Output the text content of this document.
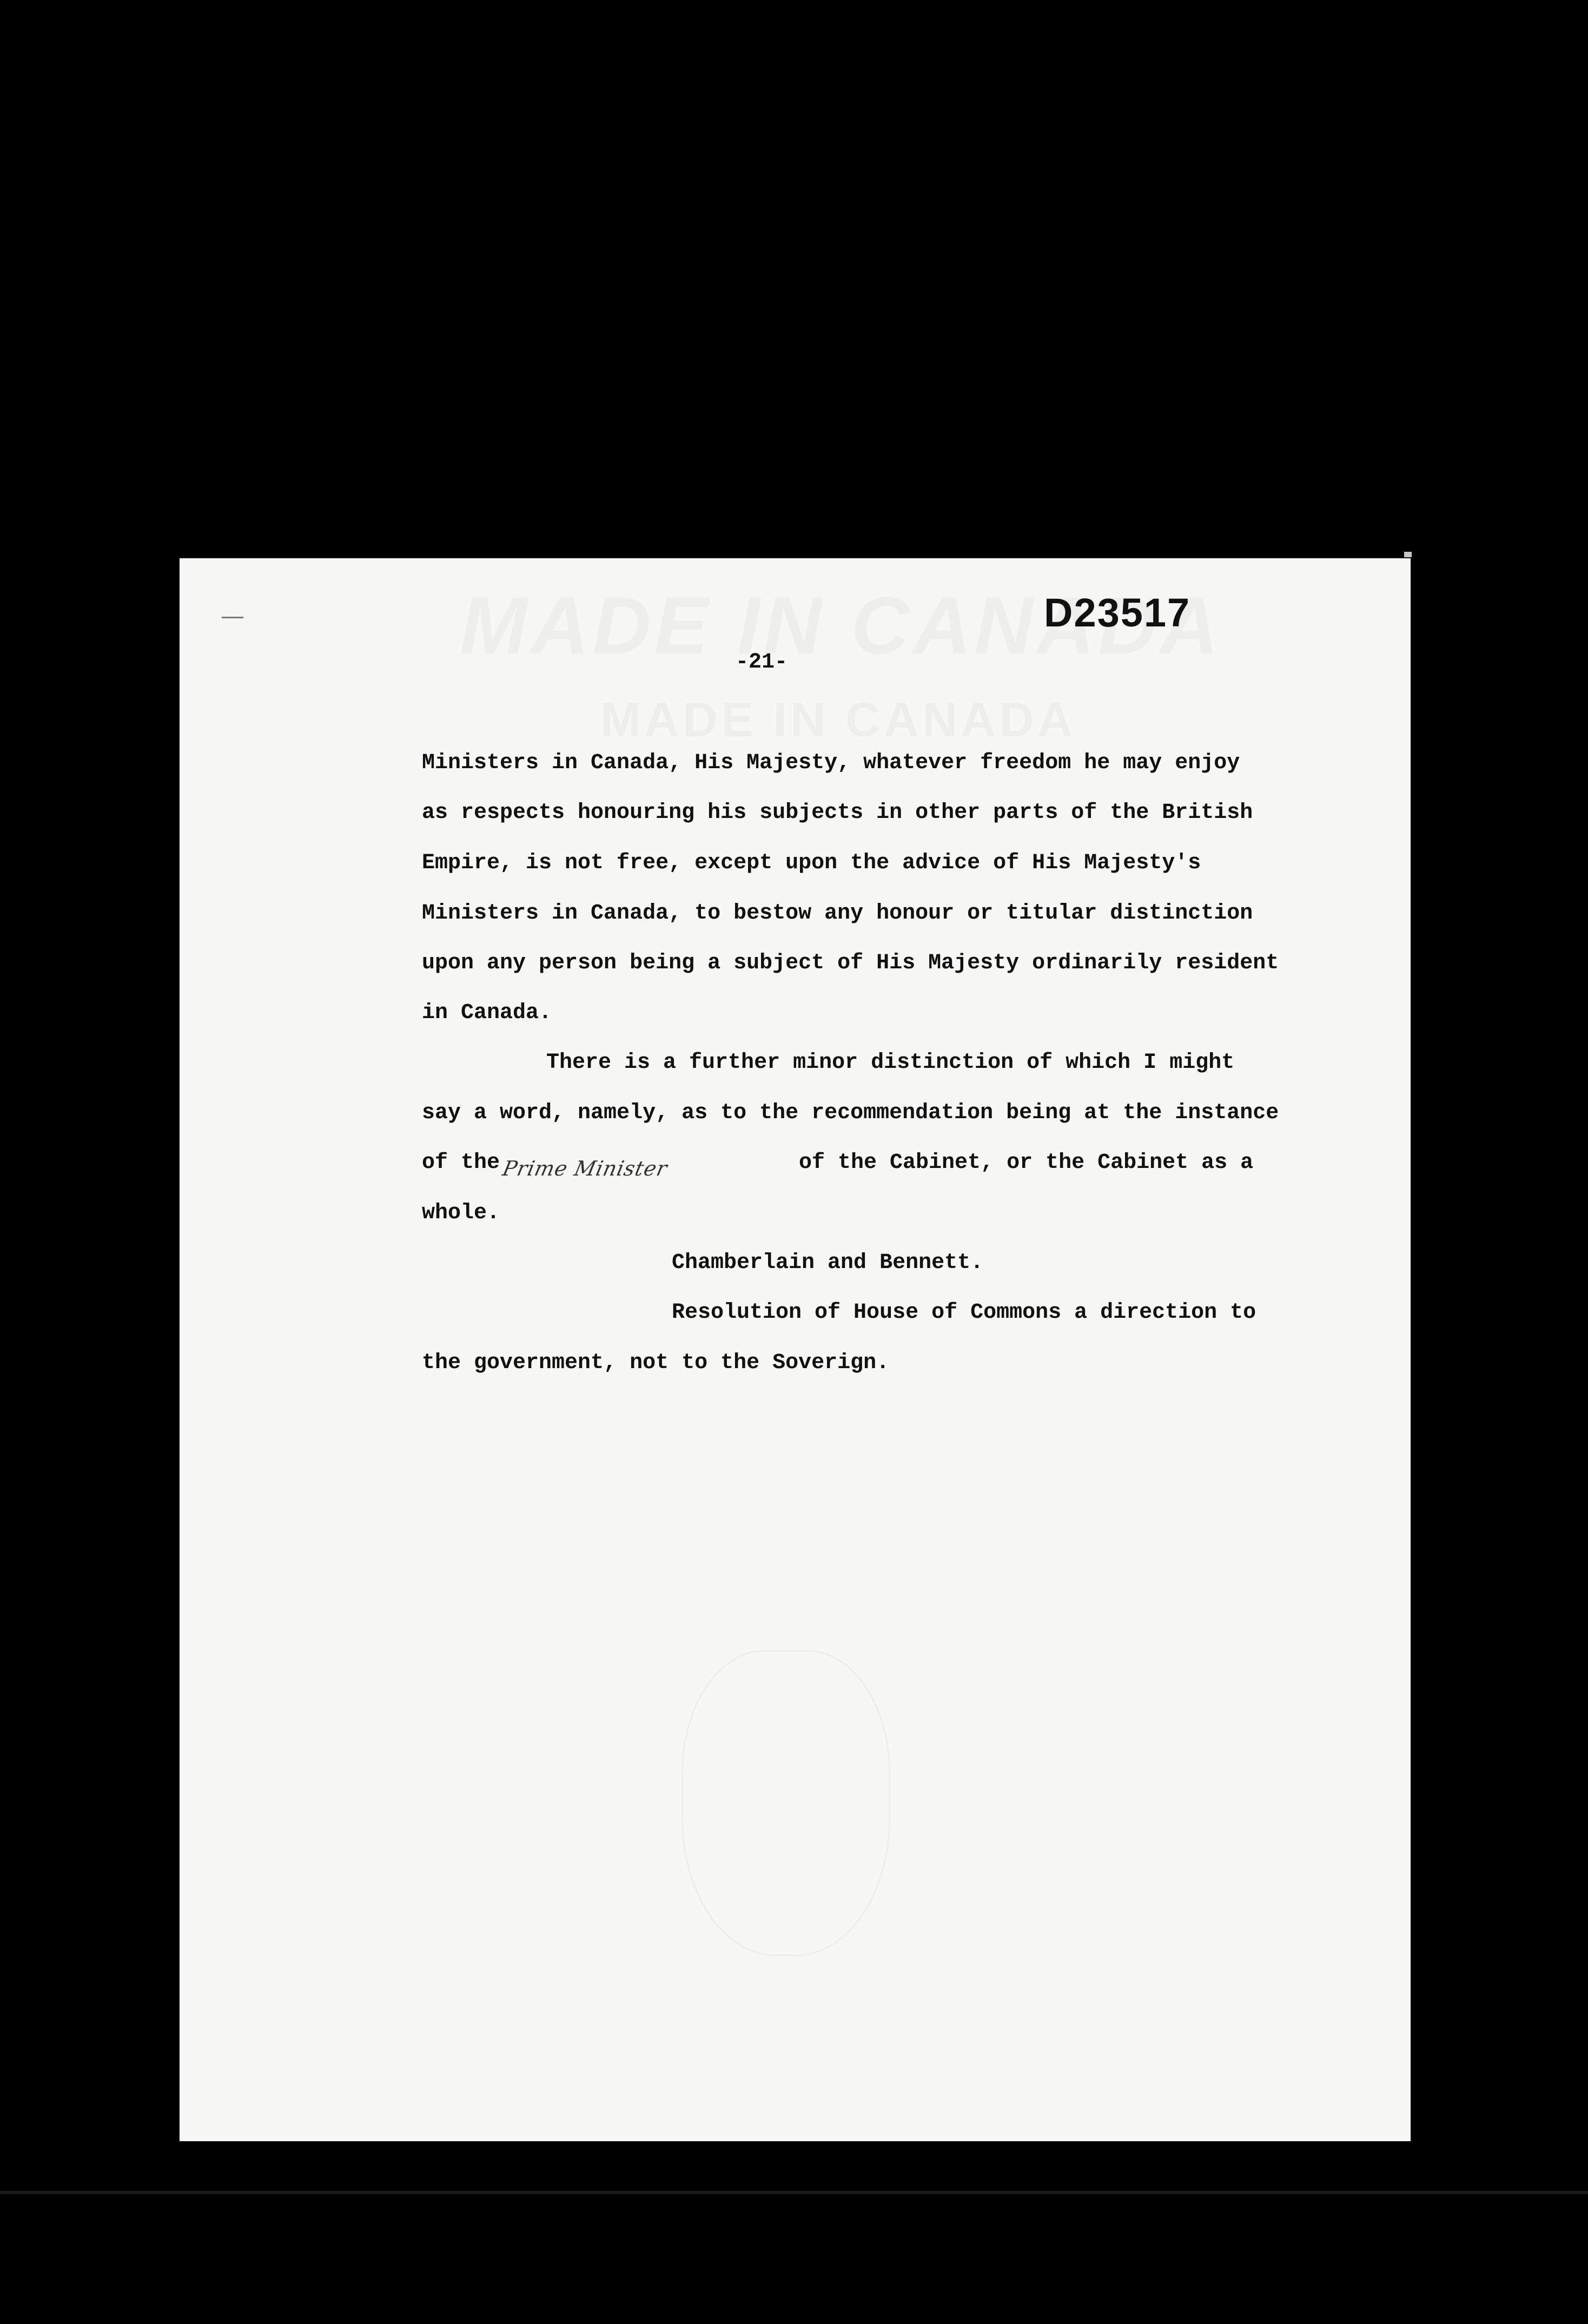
D23517
-21-
Ministers in Canada, His Majesty, whatever freedom he may enjoy
as respects honouring his subjects in other parts of the British
Empire, is not free, except upon the advice of His Majesty's
Ministers in Canada, to bestow any honour or titular distinction
upon any person being a subject of His Majesty ordinarily resident
in Canada.
There is a further minor distinction of which I might
say a word, namely, as to the recommendation being at the instance
of the Prime Minister	of the Cabinet, or the Cabinet as a
whole.
Chamberlain and Bennett.
Resolution of House of Commons a direction to
the government, not to the Soverign.
